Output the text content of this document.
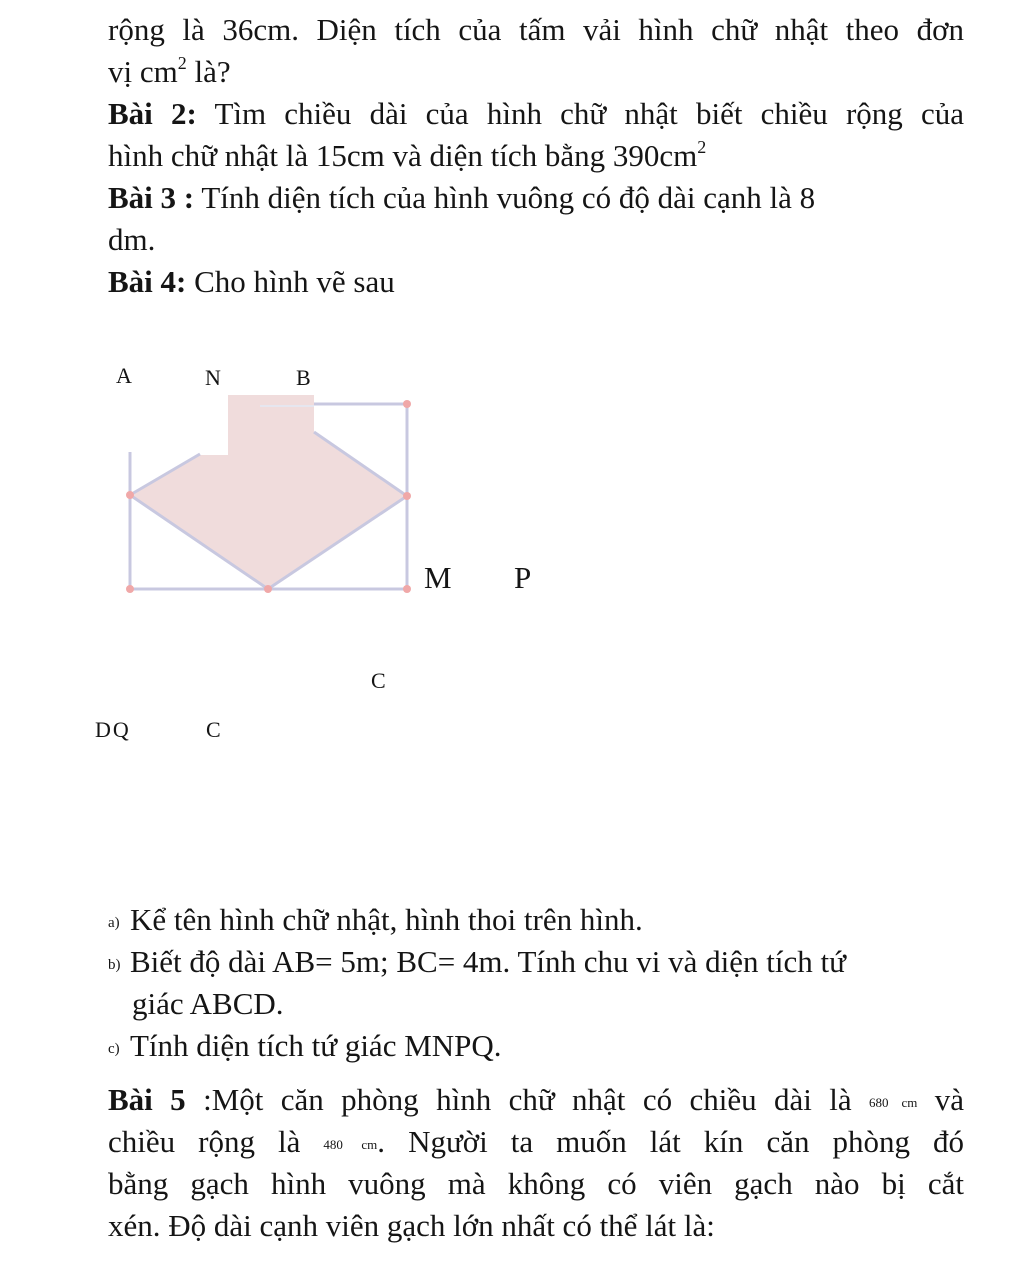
rộng là 36cm. Diện tích của tấm vải hình chữ nhật theo đơn
vị $cm^2$ là?
Bài 2: Tìm chiều dài của hình chữ nhật biết chiều rộng của
hình chữ nhật là 15cm và diện tích bằng $390cm^2$
Bài 3 : Tính diện tích của hình vuông có độ dài cạnh là 8
dm.
Bài 4: Cho hình vẽ sau
A	N	B
M P
C
DQ	C
a) Kể tên hình chữ nhật, hình thoi trên hình.
b) Biết độ dài AB= 5m; BC= 4m. Tính chu vi và diện tích tứ
giác ABCD.
c) Tính diện tích tứ giác MNPQ.
Bài 5 :Một căn phòng hình chữ nhật có chiều dài là 680 cm và
chiều rộng là 480 cm. Người ta muốn lát kín căn phòng đó
bằng gạch hình vuông mà không có viên gạch nào bị cắt
xén. Độ dài cạnh viên gạch lớn nhất có thể lát là:
